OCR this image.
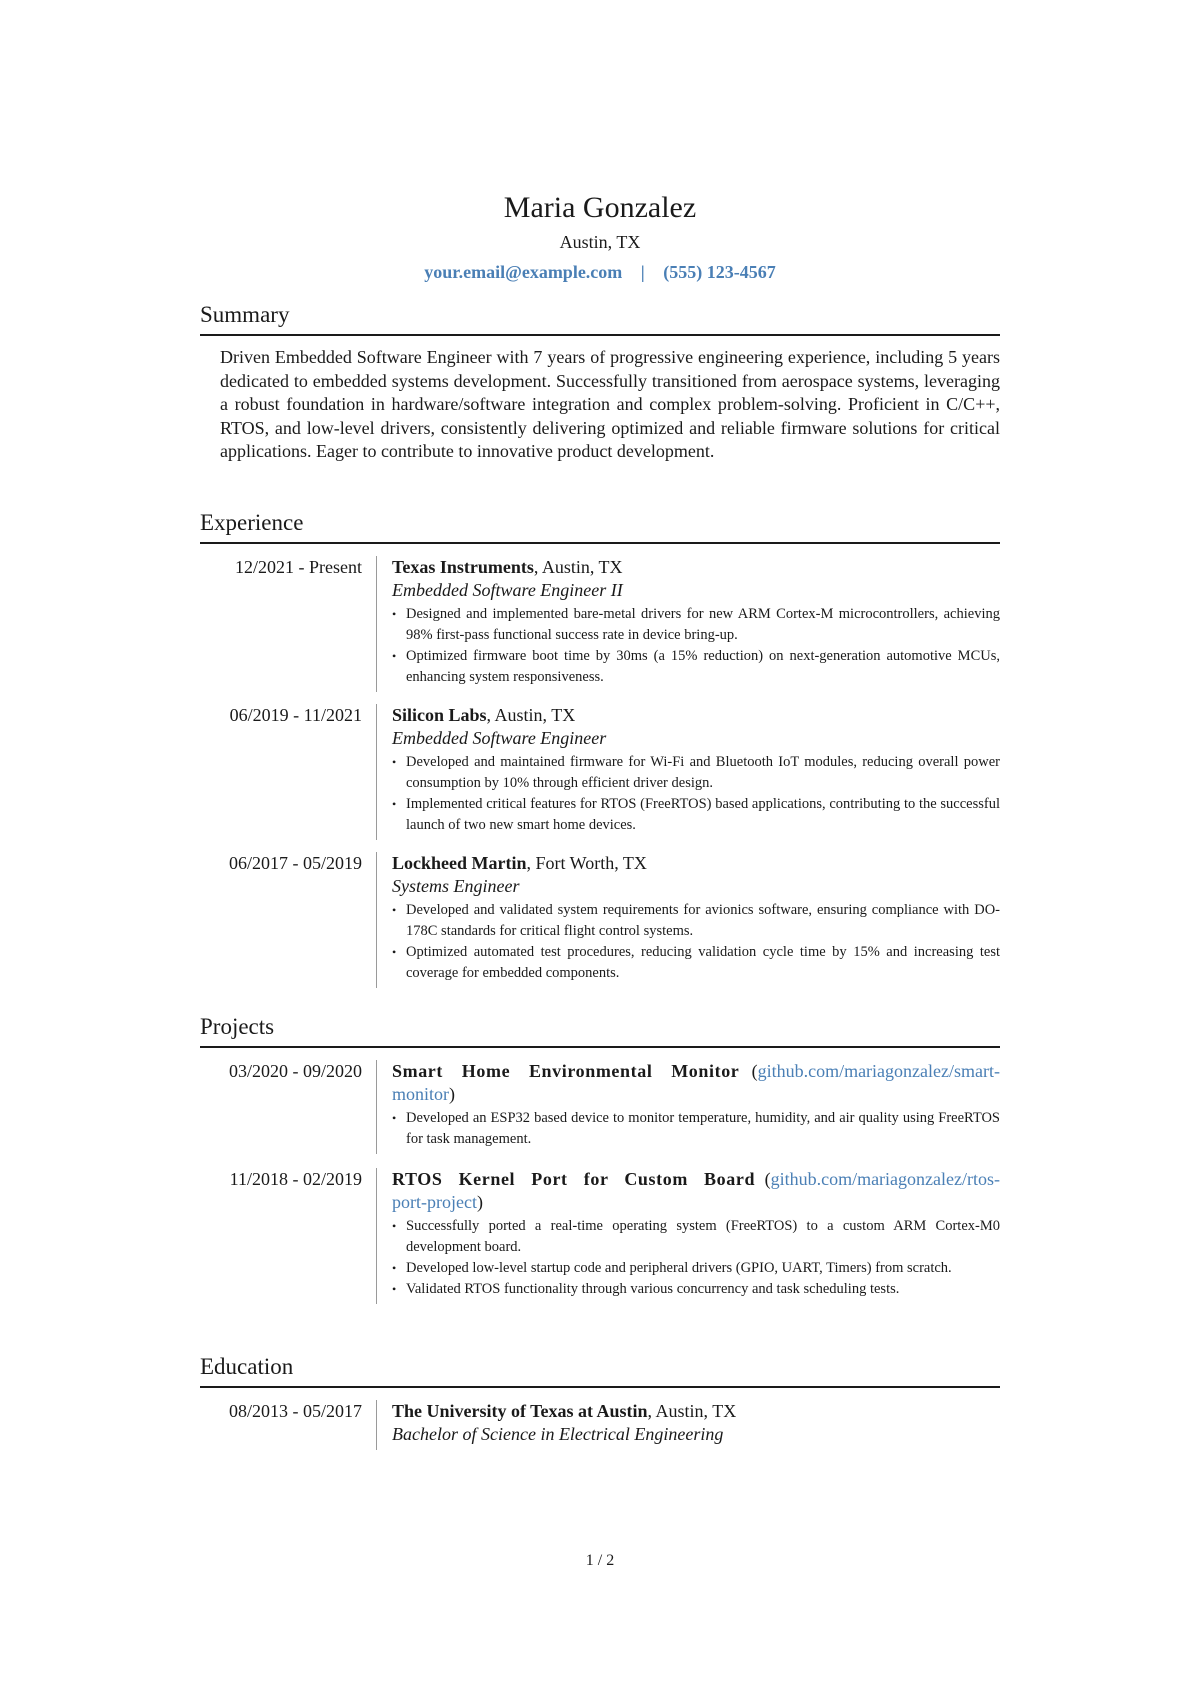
Maria Gonzalez
Austin, TX
your.email@example.com | (555) 123-4567
Summary
Driven Embedded Software Engineer with 7 years of progressive engineering experience, including 5 years dedicated to embedded systems development. Successfully transitioned from aerospace systems, leveraging a robust foundation in hardware/software integration and complex problem-solving. Proficient in C/C++, RTOS, and low-level drivers, consistently delivering optimized and reliable firmware solutions for critical applications. Eager to contribute to innovative product development.
Experience
12/2021 - Present	Texas Instruments, Austin, TX
Embedded Software Engineer II
• Designed and implemented bare-metal drivers for new ARM Cortex-M microcontrollers, achieving 98% first-pass functional success rate in device bring-up.
• Optimized firmware boot time by 30ms (a 15% reduction) on next-generation automotive MCUs, enhancing system responsiveness.
06/2019 - 11/2021	Silicon Labs, Austin, TX
Embedded Software Engineer
• Developed and maintained firmware for Wi-Fi and Bluetooth IoT modules, reducing overall power consumption by 10% through efficient driver design.
• Implemented critical features for RTOS (FreeRTOS) based applications, contributing to the successful launch of two new smart home devices.
06/2017 - 05/2019	Lockheed Martin, Fort Worth, TX
Systems Engineer
• Developed and validated system requirements for avionics software, ensuring compliance with DO-178C standards for critical flight control systems.
• Optimized automated test procedures, reducing validation cycle time by 15% and increasing test coverage for embedded components.
Projects
03/2020 - 09/2020	Smart Home Environmental Monitor (github.com/mariagonzalez/smart-monitor)
• Developed an ESP32 based device to monitor temperature, humidity, and air quality using FreeRTOS for task management.
11/2018 - 02/2019	RTOS Kernel Port for Custom Board (github.com/mariagonzalez/rtos-port-project)
• Successfully ported a real-time operating system (FreeRTOS) to a custom ARM Cortex-M0 development board.
• Developed low-level startup code and peripheral drivers (GPIO, UART, Timers) from scratch.
• Validated RTOS functionality through various concurrency and task scheduling tests.
Education
08/2013 - 05/2017	The University of Texas at Austin, Austin, TX
Bachelor of Science in Electrical Engineering
1 / 2
